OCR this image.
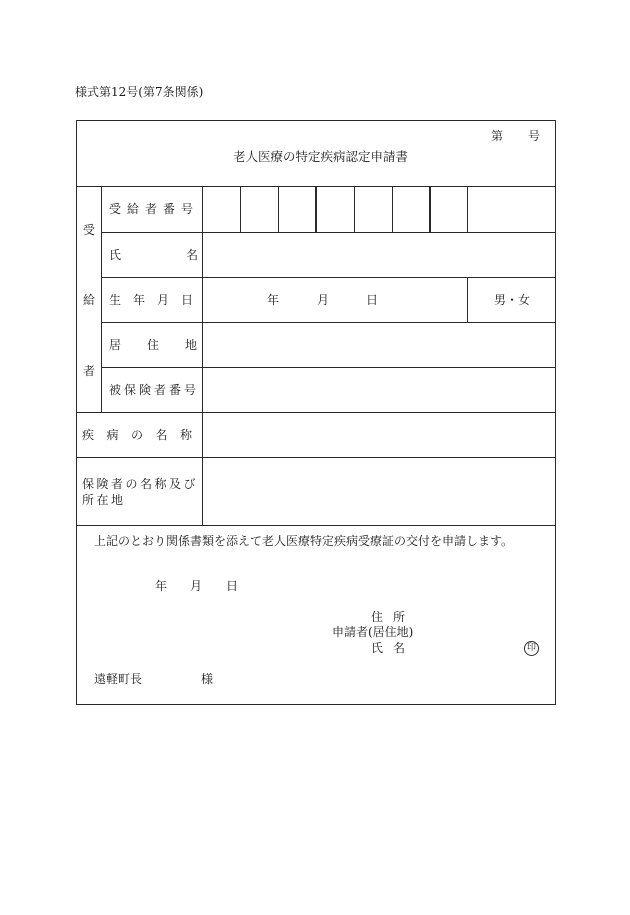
様式第12号(第7条関係)
第 号
老人医療の特定疾病認定申請書
受
給
者
受給者番号
氏名
生年月日	年	月	日	男・女
居住地
被保険者番号
疾病の名称
保険者の名称及び
所在地
上記のとおり関係書類を添えて老人医療特定疾病受療証の交付を申請します。
年 月 日
住所
申請者(居住地)
氏名	印
遠軽町長	様
